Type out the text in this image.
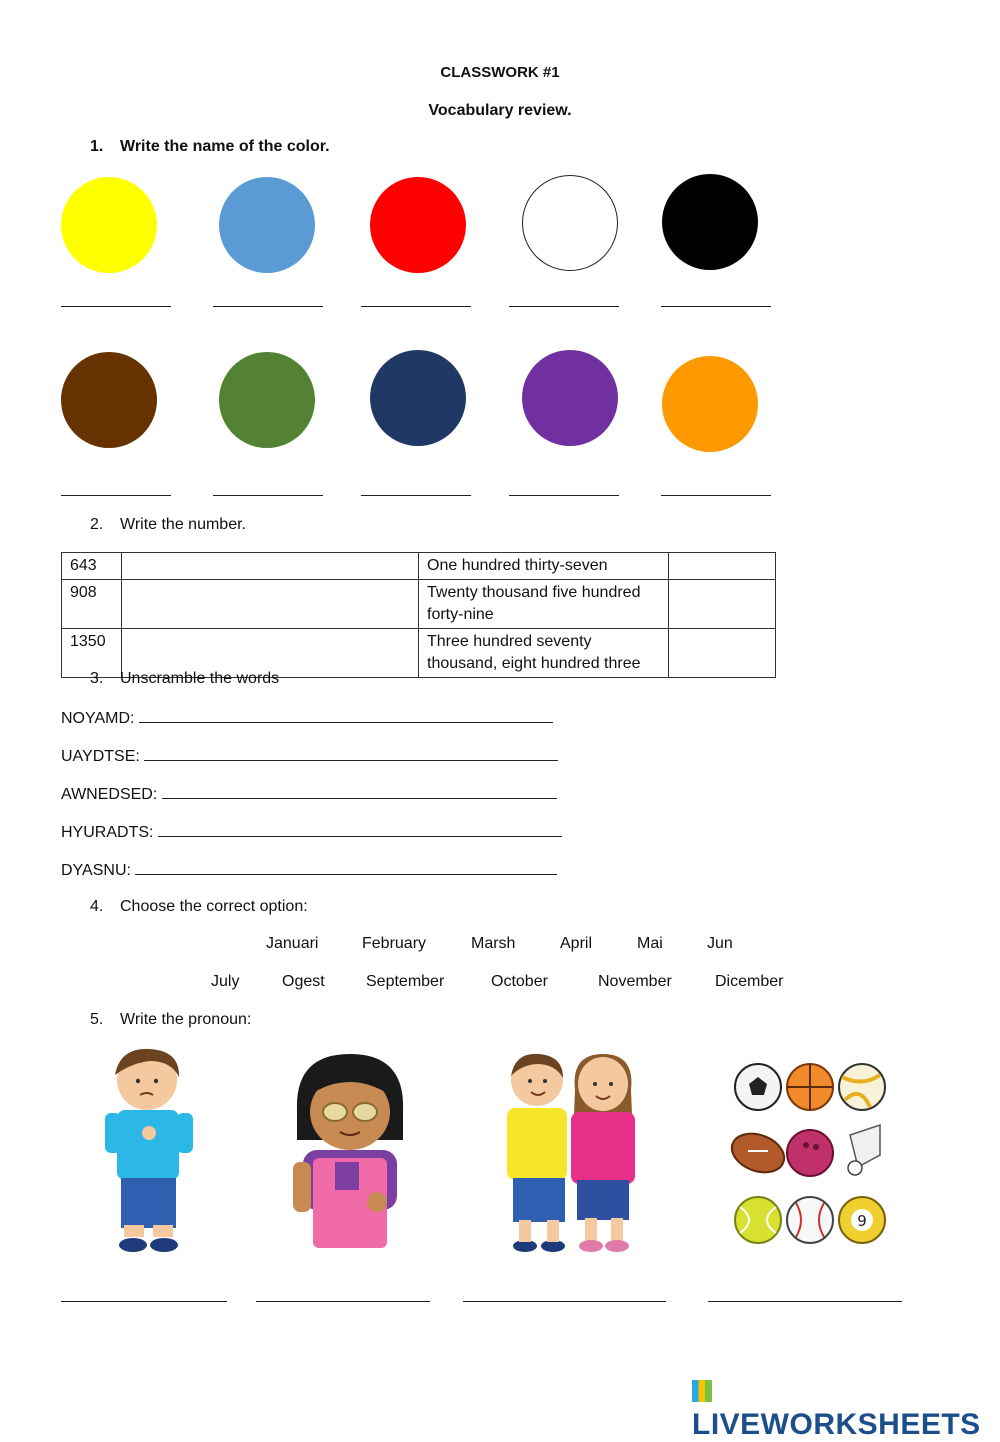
CLASSWORK #1
Vocabulary review.
1. Write the name of the color.
2. Write the number.
643		One hundred thirty-seven	
908		Twenty thousand five hundred forty-nine	
1350		Three hundred seventy thousand, eight hundred three	
3. Unscramble the words
NOYAMD:
UAYDTSE:
AWNEDSED:
HYURADTS:
DYASNU:
4. Choose the correct option:
Januari	February	Marsh	April	Mai	Jun
July	Ogest	September	October	November	Dicember
5. Write the pronoun:
9
LIVEWORKSHEETS
